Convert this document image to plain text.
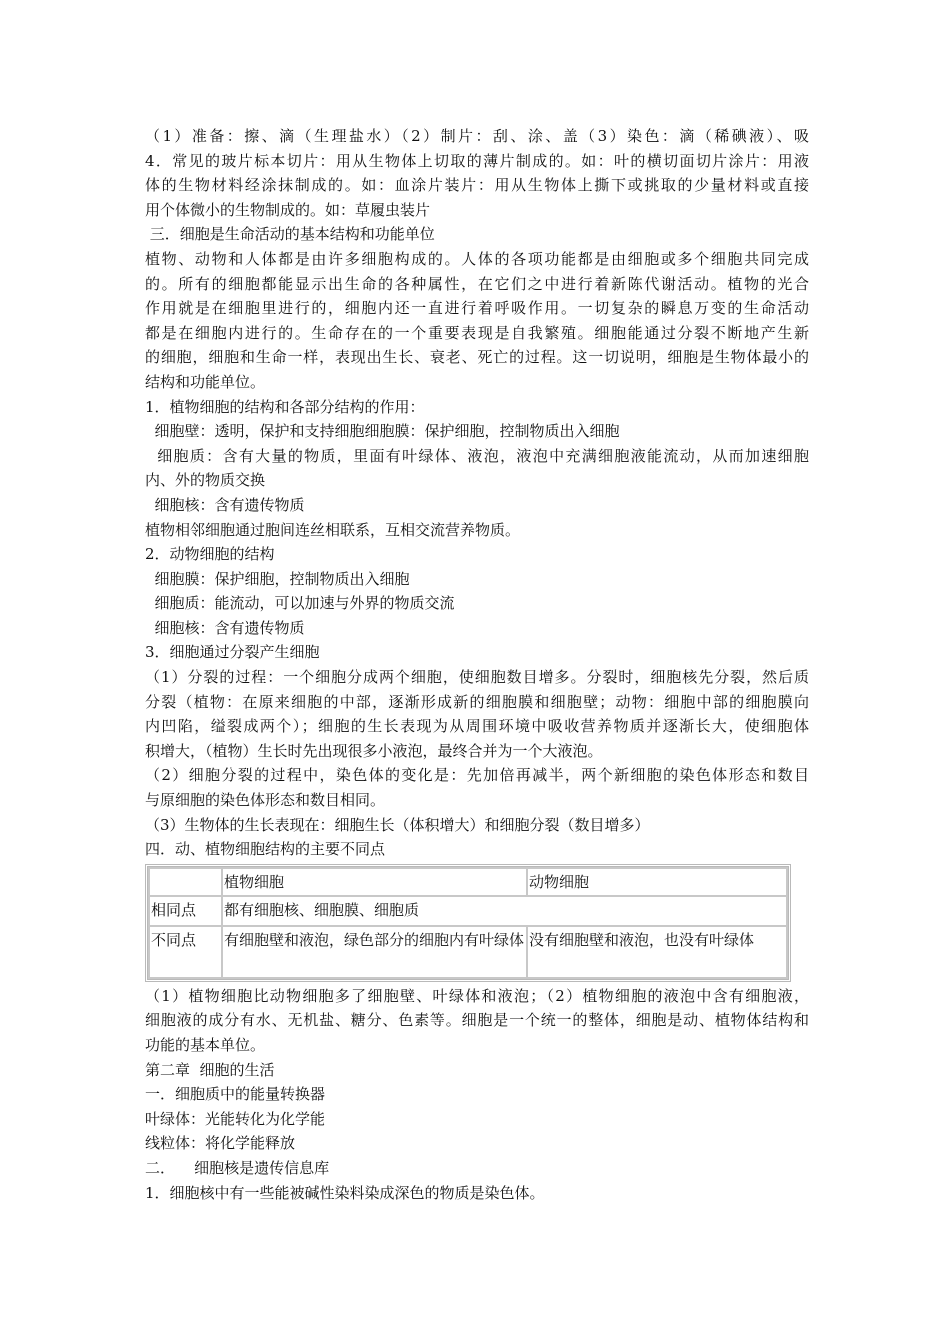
（1）准备：擦、滴（生理盐水）（2）制片：刮、涂、盖（3）染色：滴（稀碘液）、吸
4．常见的玻片标本切片：用从生物体上切取的薄片制成的。如：叶的横切面切片涂片：用液
体的生物材料经涂抹制成的。如：血涂片装片：用从生物体上撕下或挑取的少量材料或直接
用个体微小的生物制成的。如：草履虫装片
三．细胞是生命活动的基本结构和功能单位
植物、动物和人体都是由许多细胞构成的。人体的各项功能都是由细胞或多个细胞共同完成
的。所有的细胞都能显示出生命的各种属性，在它们之中进行着新陈代谢活动。植物的光合
作用就是在细胞里进行的，细胞内还一直进行着呼吸作用。一切复杂的瞬息万变的生命活动
都是在细胞内进行的。生命存在的一个重要表现是自我繁殖。细胞能通过分裂不断地产生新
的细胞，细胞和生命一样，表现出生长、衰老、死亡的过程。这一切说明，细胞是生物体最小的
结构和功能单位。
1．植物细胞的结构和各部分结构的作用：
细胞壁：透明，保护和支持细胞细胞膜：保护细胞，控制物质出入细胞
细胞质：含有大量的物质，里面有叶绿体、液泡，液泡中充满细胞液能流动，从而加速细胞
内、外的物质交换
细胞核：含有遗传物质
植物相邻细胞通过胞间连丝相联系，互相交流营养物质。
2．动物细胞的结构
细胞膜：保护细胞，控制物质出入细胞
细胞质：能流动，可以加速与外界的物质交流
细胞核：含有遗传物质
3．细胞通过分裂产生细胞
（1）分裂的过程：一个细胞分成两个细胞，使细胞数目增多。分裂时，细胞核先分裂，然后质
分裂（植物：在原来细胞的中部，逐渐形成新的细胞膜和细胞壁；动物：细胞中部的细胞膜向
内凹陷，缢裂成两个）；细胞的生长表现为从周围环境中吸收营养物质并逐渐长大，使细胞体
积增大，（植物）生长时先出现很多小液泡，最终合并为一个大液泡。
（2）细胞分裂的过程中，染色体的变化是：先加倍再减半，两个新细胞的染色体形态和数目
与原细胞的染色体形态和数目相同。
（3）生物体的生长表现在：细胞生长（体积增大）和细胞分裂（数目增多）
四．动、植物细胞结构的主要不同点
	植物细胞	动物细胞
相同点	都有细胞核、细胞膜、细胞质	
不同点	有细胞壁和液泡，绿色部分的细胞内有叶绿体	没有细胞壁和液泡，也没有叶绿体
（1）植物细胞比动物细胞多了细胞壁、叶绿体和液泡；（2）植物细胞的液泡中含有细胞液，
细胞液的成分有水、无机盐、糖分、色素等。细胞是一个统一的整体，细胞是动、植物体结构和
功能的基本单位。
第二章  细胞的生活
一．细胞质中的能量转换器
叶绿体：光能转化为化学能
线粒体：将化学能释放
二．    细胞核是遗传信息库
1．细胞核中有一些能被碱性染料染成深色的物质是染色体。
